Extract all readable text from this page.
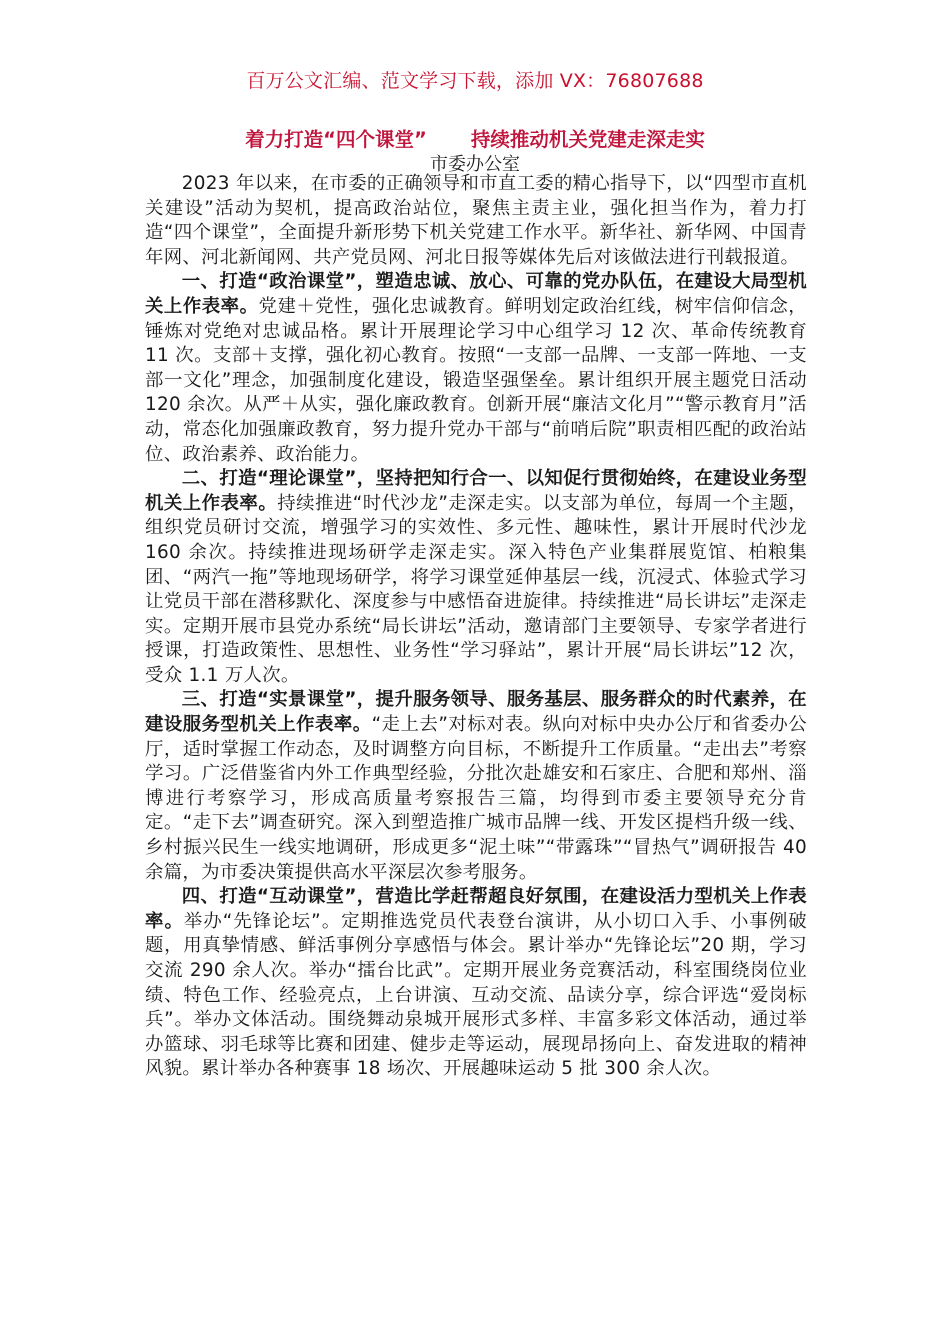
百万公文汇编、范文学习下载，添加 VX：76807688
着力打造“四个课堂” 持续推动机关党建走深走实
市委办公室

2023 年以来，在市委的正确领导和市直工委的精心指导下，以“四型市直机关建设”活动为契机，提高政治站位，聚焦主责主业，强化担当作为，着力打造“四个课堂”，全面提升新形势下机关党建工作水平。新华社、新华网、中国青年网、河北新闻网、共产党员网、河北日报等媒体先后对该做法进行刊载报道。

一、打造“政治课堂”，塑造忠诚、放心、可靠的党办队伍，在建设大局型机关上作表率。党建＋党性，强化忠诚教育。鲜明划定政治红线，树牢信仰信念，锤炼对党绝对忠诚品格。累计开展理论学习中心组学习 12 次、革命传统教育 11 次。支部＋支撑，强化初心教育。按照“一支部一品牌、一支部一阵地、一支部一文化”理念，加强制度化建设，锻造坚强堡垒。累计组织开展主题党日活动 120 余次。从严＋从实，强化廉政教育。创新开展“廉洁文化月”“警示教育月”活动，常态化加强廉政教育，努力提升党办干部与“前哨后院”职责相匹配的政治站位、政治素养、政治能力。

二、打造“理论课堂”，坚持把知行合一、以知促行贯彻始终，在建设业务型机关上作表率。持续推进“时代沙龙”走深走实。以支部为单位，每周一个主题，组织党员研讨交流，增强学习的实效性、多元性、趣味性，累计开展时代沙龙 160 余次。持续推进现场研学走深走实。深入特色产业集群展览馆、柏粮集团、“两汽一拖”等地现场研学，将学习课堂延伸基层一线，沉浸式、体验式学习让党员干部在潜移默化、深度参与中感悟奋进旋律。持续推进“局长讲坛”走深走实。定期开展市县党办系统“局长讲坛”活动，邀请部门主要领导、专家学者进行授课，打造政策性、思想性、业务性“学习驿站”，累计开展“局长讲坛”12 次，受众 1.1 万人次。

三、打造“实景课堂”，提升服务领导、服务基层、服务群众的时代素养，在建设服务型机关上作表率。“走上去”对标对表。纵向对标中央办公厅和省委办公厅，适时掌握工作动态，及时调整方向目标，不断提升工作质量。“走出去”考察学习。广泛借鉴省内外工作典型经验，分批次赴雄安和石家庄、合肥和郑州、淄博进行考察学习，形成高质量考察报告三篇，均得到市委主要领导充分肯定。“走下去”调查研究。深入到塑造推广城市品牌一线、开发区提档升级一线、乡村振兴民生一线实地调研，形成更多“泥土味”“带露珠”“冒热气”调研报告 40 余篇，为市委决策提供高水平深层次参考服务。

四、打造“互动课堂”，营造比学赶帮超良好氛围，在建设活力型机关上作表率。举办“先锋论坛”。定期推选党员代表登台演讲，从小切口入手、小事例破题，用真挚情感、鲜活事例分享感悟与体会。累计举办“先锋论坛”20 期，学习交流 290 余人次。举办“擂台比武”。定期开展业务竞赛活动，科室围绕岗位业绩、特色工作、经验亮点，上台讲演、互动交流、品读分享，综合评选“爱岗标兵”。举办文体活动。围绕舞动泉城开展形式多样、丰富多彩文体活动，通过举办篮球、羽毛球等比赛和团建、健步走等运动，展现昂扬向上、奋发进取的精神风貌。累计举办各种赛事 18 场次、开展趣味运动 5 批 300 余人次。
